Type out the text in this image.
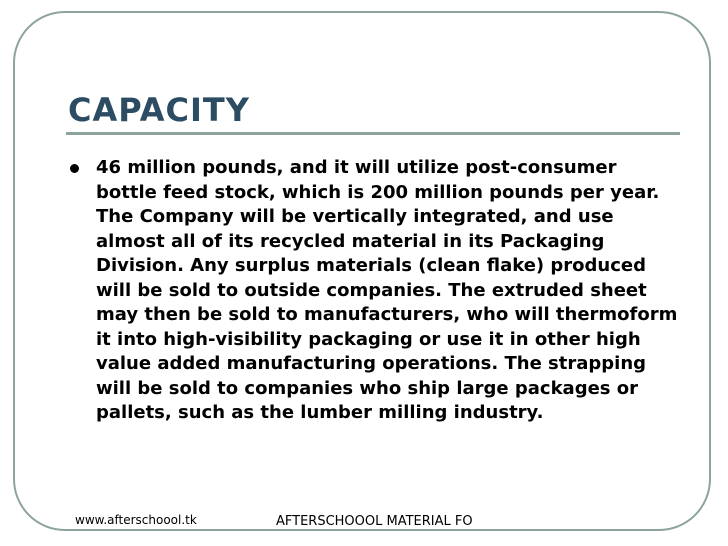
CAPACITY
46 million pounds, and it will utilize post-consumer bottle feed stock, which is 200 million pounds per year. The Company will be vertically integrated, and use almost all of its recycled material in its Packaging Division. Any surplus materials (clean flake) produced will be sold to outside companies. The extruded sheet may then be sold to manufacturers, who will thermoform it into high-visibility packaging or use it in other high value added manufacturing operations. The strapping will be sold to companies who ship large packages or pallets, such as the lumber milling industry.
www.afterschoool.tk	AFTERSCHOOOL MATERIAL FO
